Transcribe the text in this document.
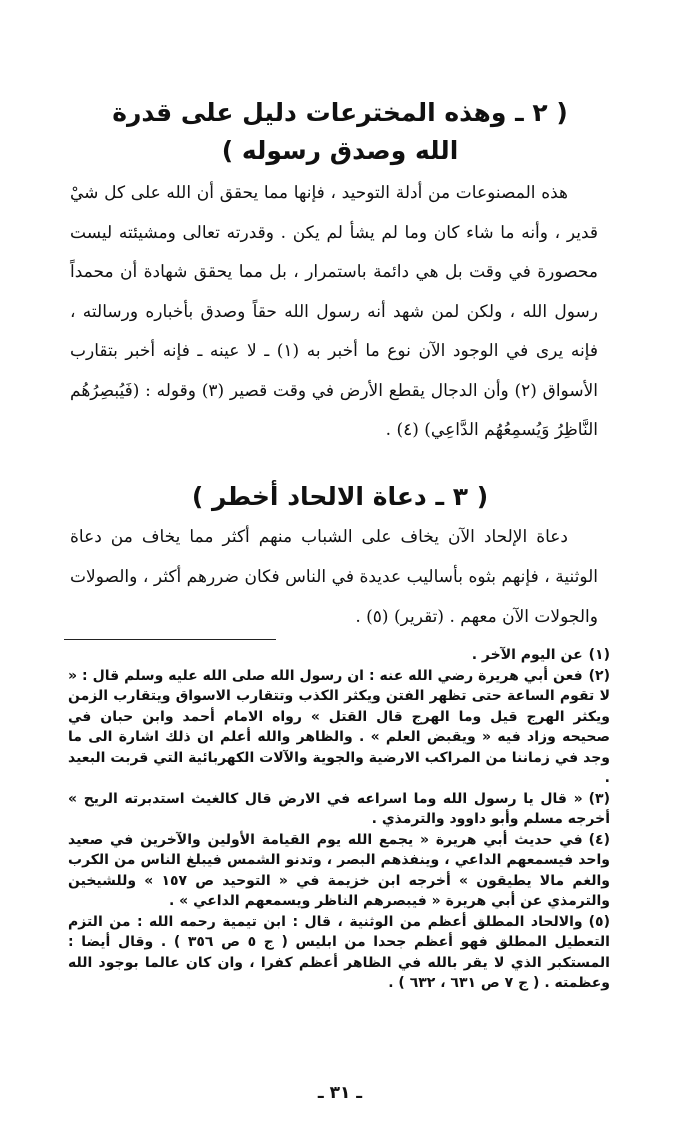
( ٢ ـ وهذه المخترعات دليل على قدرة الله وصدق رسوله )

هذه المصنوعات من أدلة التوحيد ، فإنها مما يحقق أن الله على كل شيْ قدير ، وأنه ما شاء كان وما لم يشأ لم يكن . وقدرته تعالى ومشيئته ليست محصورة في وقت بل هي دائمة باستمرار ، بل مما يحقق شهادة أن محمداً رسول الله ، ولكن لمن شهد أنه رسول الله حقاً وصدق بأخباره ورسالته ، فإنه يرى في الوجود الآن نوع ما أخبر به (١) ـ لا عينه ـ فإنه أخبر بتقارب الأسواق (٢) وأن الدجال يقطع الأرض في وقت قصير (٣) وقوله : (فَيُبصِرُهُم النَّاظِرُ وَيُسمِعُهُم الدَّاعِي) (٤) .

( ٣ ـ دعاة الالحاد أخطر )

دعاة الإلحاد الآن يخاف على الشباب منهم أكثر مما يخاف من دعاة الوثنية ، فإنهم بثوه بأساليب عديدة في الناس فكان ضررهم أكثر ، والصولات والجولات الآن معهم . (تقرير) (٥) .

(١)عن اليوم الآخر .

(٢)فعن أبي هريرة رضي الله عنه : ان رسول الله صلى الله عليه وسلم قال : « لا تقوم الساعة حتى تظهر الفتن ويكثر الكذب وتتقارب الاسواق ويتقارب الزمن ويكثر الهرج قيل وما الهرج قال القتل » رواه الامام أحمد وابن حبان في صحيحه وزاد فيه « ويقبض العلم » . والظاهر والله أعلم ان ذلك اشارة الى ما وجد في زماننا من المراكب الارضية والجوية والآلات الكهربائية التي قربت البعيد .

(٣)« قال يا رسول الله وما اسراعه في الارض قال كالغيث استدبرته الريح » أخرجه مسلم وأبو داوود والترمذي .

(٤)في حديث أبي هريرة « يجمع الله يوم القيامة الأولين والآخرين في صعيد واحد فيسمعهم الداعي ، وينفذهم البصر ، وتدنو الشمس فيبلغ الناس من الكرب والغم مالا يطيقون » أخرجه ابن خزيمة في « التوحيد ص ١٥٧ » وللشيخين والترمذي عن أبي هريرة « فيبصرهم الناظر ويسمعهم الداعي » .

(٥)والالحاد المطلق أعظم من الوثنية ، قال : ابن تيمية رحمه الله : من التزم التعطيل المطلق فهو أعظم جحدا من ابليس ( ج ٥ ص ٣٥٦ ) . وقال أيضا : المستكبر الذي لا يقر بالله في الظاهر أعظم كفرا ، وان كان عالما بوجود الله وعظمته . ( ج ٧ ص ٦٣١ ، ٦٣٢ ) .

ـ ٣١ ـ
